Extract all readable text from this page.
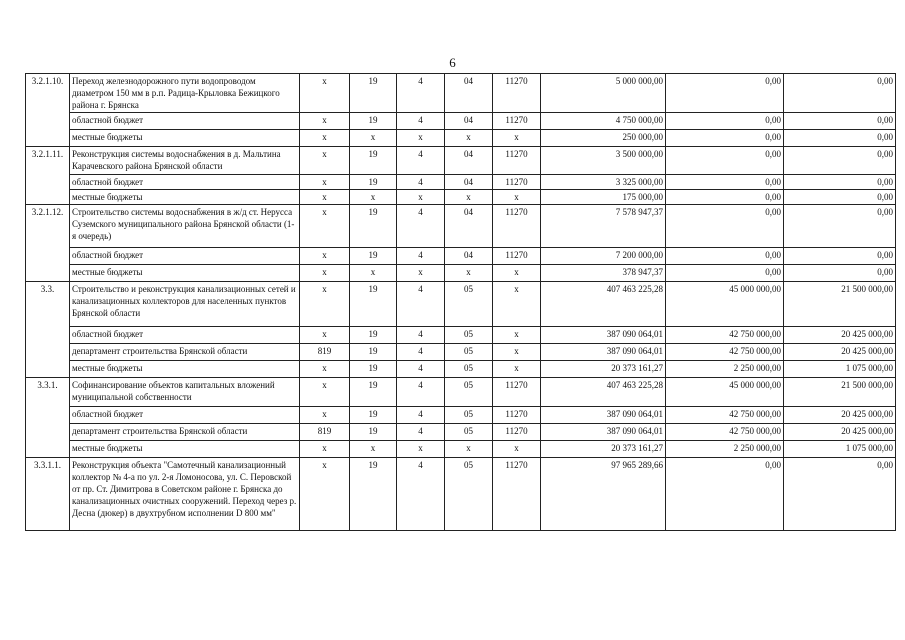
6
3.2.1.10.	Переход железнодорожного пути водопроводом диаметром 150 мм в р.п. Радица-Крыловка Бежицкого района г. Брянска	х	19	4	04	11270	5 000 000,00	0,00	0,00
	областной бюджет	х	19	4	04	11270	4 750 000,00	0,00	0,00
	местные бюджеты	х	х	х	х	х	250 000,00	0,00	0,00
3.2.1.11.	Реконструкция системы водоснабжения в д. Мальтина Карачевского района Брянской области	х	19	4	04	11270	3 500 000,00	0,00	0,00
	областной бюджет	х	19	4	04	11270	3 325 000,00	0,00	0,00
	местные бюджеты	х	х	х	х	х	175 000,00	0,00	0,00
3.2.1.12.	Строительство системы водоснабжения в ж/д ст. Нерусса Суземского муниципального района Брянской области (1-я очередь)	х	19	4	04	11270	7 578 947,37	0,00	0,00
	областной бюджет	х	19	4	04	11270	7 200 000,00	0,00	0,00
	местные бюджеты	х	х	х	х	х	378 947,37	0,00	0,00
3.3.	Строительство и реконструкция канализационных сетей и канализационных коллекторов для населенных пунктов Брянской области	х	19	4	05	х	407 463 225,28	45 000 000,00	21 500 000,00
	областной бюджет	х	19	4	05	х	387 090 064,01	42 750 000,00	20 425 000,00
	департамент строительства Брянской области	819	19	4	05	х	387 090 064,01	42 750 000,00	20 425 000,00
	местные бюджеты	х	19	4	05	х	20 373 161,27	2 250 000,00	1 075 000,00
3.3.1.	Софинансирование объектов капитальных вложений муниципальной собственности	х	19	4	05	11270	407 463 225,28	45 000 000,00	21 500 000,00
	областной бюджет	х	19	4	05	11270	387 090 064,01	42 750 000,00	20 425 000,00
	департамент строительства Брянской области	819	19	4	05	11270	387 090 064,01	42 750 000,00	20 425 000,00
	местные бюджеты	х	х	х	х	х	20 373 161,27	2 250 000,00	1 075 000,00
3.3.1.1.	Реконструкция объекта "Самотечный канализационный коллектор № 4-а по ул. 2-я Ломоносова, ул. С. Перовской от пр. Ст. Димитрова в Советском районе г. Брянска до канализационных очистных сооружений. Переход через р. Десна (дюкер) в двухтрубном исполнении D 800 мм"	х	19	4	05	11270	97 965 289,66	0,00	0,00
